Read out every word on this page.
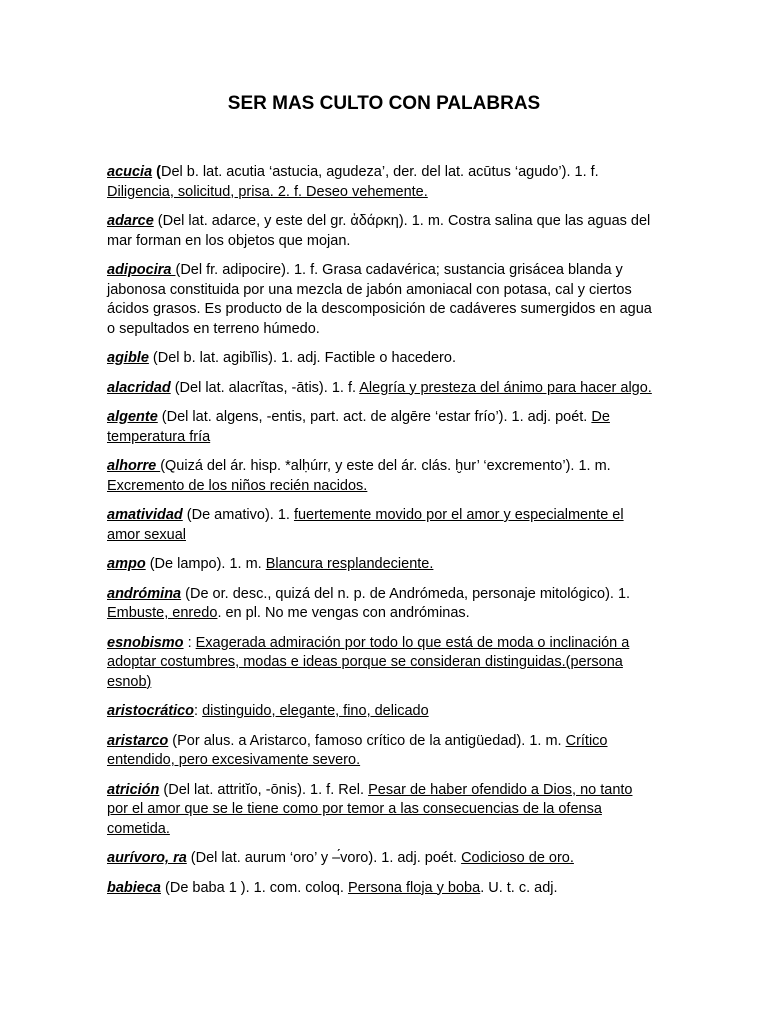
SER MAS CULTO CON PALABRAS

acucia (Del b. lat. acutia ‘astucia, agudeza’, der. del lat. acūtus ‘agudo’). 1. f. Diligencia, solicitud, prisa. 2. f. Deseo vehemente.

adarce (Del lat. adarce, y este del gr. ἀδάρκη). 1. m. Costra salina que las aguas del mar forman en los objetos que mojan.

adipocira (Del fr. adipocire). 1. f. Grasa cadavérica; sustancia grisácea blanda y jabonosa constituida por una mezcla de jabón amoniacal con potasa, cal y ciertos ácidos grasos. Es producto de la descomposición de cadáveres sumergidos en agua o sepultados en terreno húmedo.

agible (Del b. lat. agibĭlis). 1. adj. Factible o hacedero.

alacridad (Del lat. alacrĭtas, -ātis). 1. f. Alegría y presteza del ánimo para hacer algo.

algente (Del lat. algens, -entis, part. act. de algēre ‘estar frío’). 1. adj. poét. De temperatura fría

alhorre (Quizá del ár. hisp. *alḥúrr, y este del ár. clás. ḫur’ ‘excremento’). 1. m. Excremento de los niños recién nacidos.

amatividad (De amativo). 1. fuertemente movido por el amor y especialmente el amor sexual

ampo (De lampo). 1. m. Blancura resplandeciente.

andrómina (De or. desc., quizá del n. p. de Andrómeda, personaje mitológico). 1. Embuste, enredo. en pl. No me vengas con andróminas.

esnobismo : Exagerada admiración por todo lo que está de moda o inclinación a adoptar costumbres, modas e ideas porque se consideran distinguidas.(persona esnob)

aristocrático: distinguido, elegante, fino, delicado

aristarco (Por alus. a Aristarco, famoso crítico de la antigüedad). 1. m. Crítico entendido, pero excesivamente severo.

atrición (Del lat. attritĭo, -ōnis). 1. f. Rel. Pesar de haber ofendido a Dios, no tanto por el amor que se le tiene como por temor a las consecuencias de la ofensa cometida.

aurívoro, ra (Del lat. aurum ‘oro’ y –́voro). 1. adj. poét. Codicioso de oro.

babieca (De baba 1 ). 1. com. coloq. Persona floja y boba. U. t. c. adj.
